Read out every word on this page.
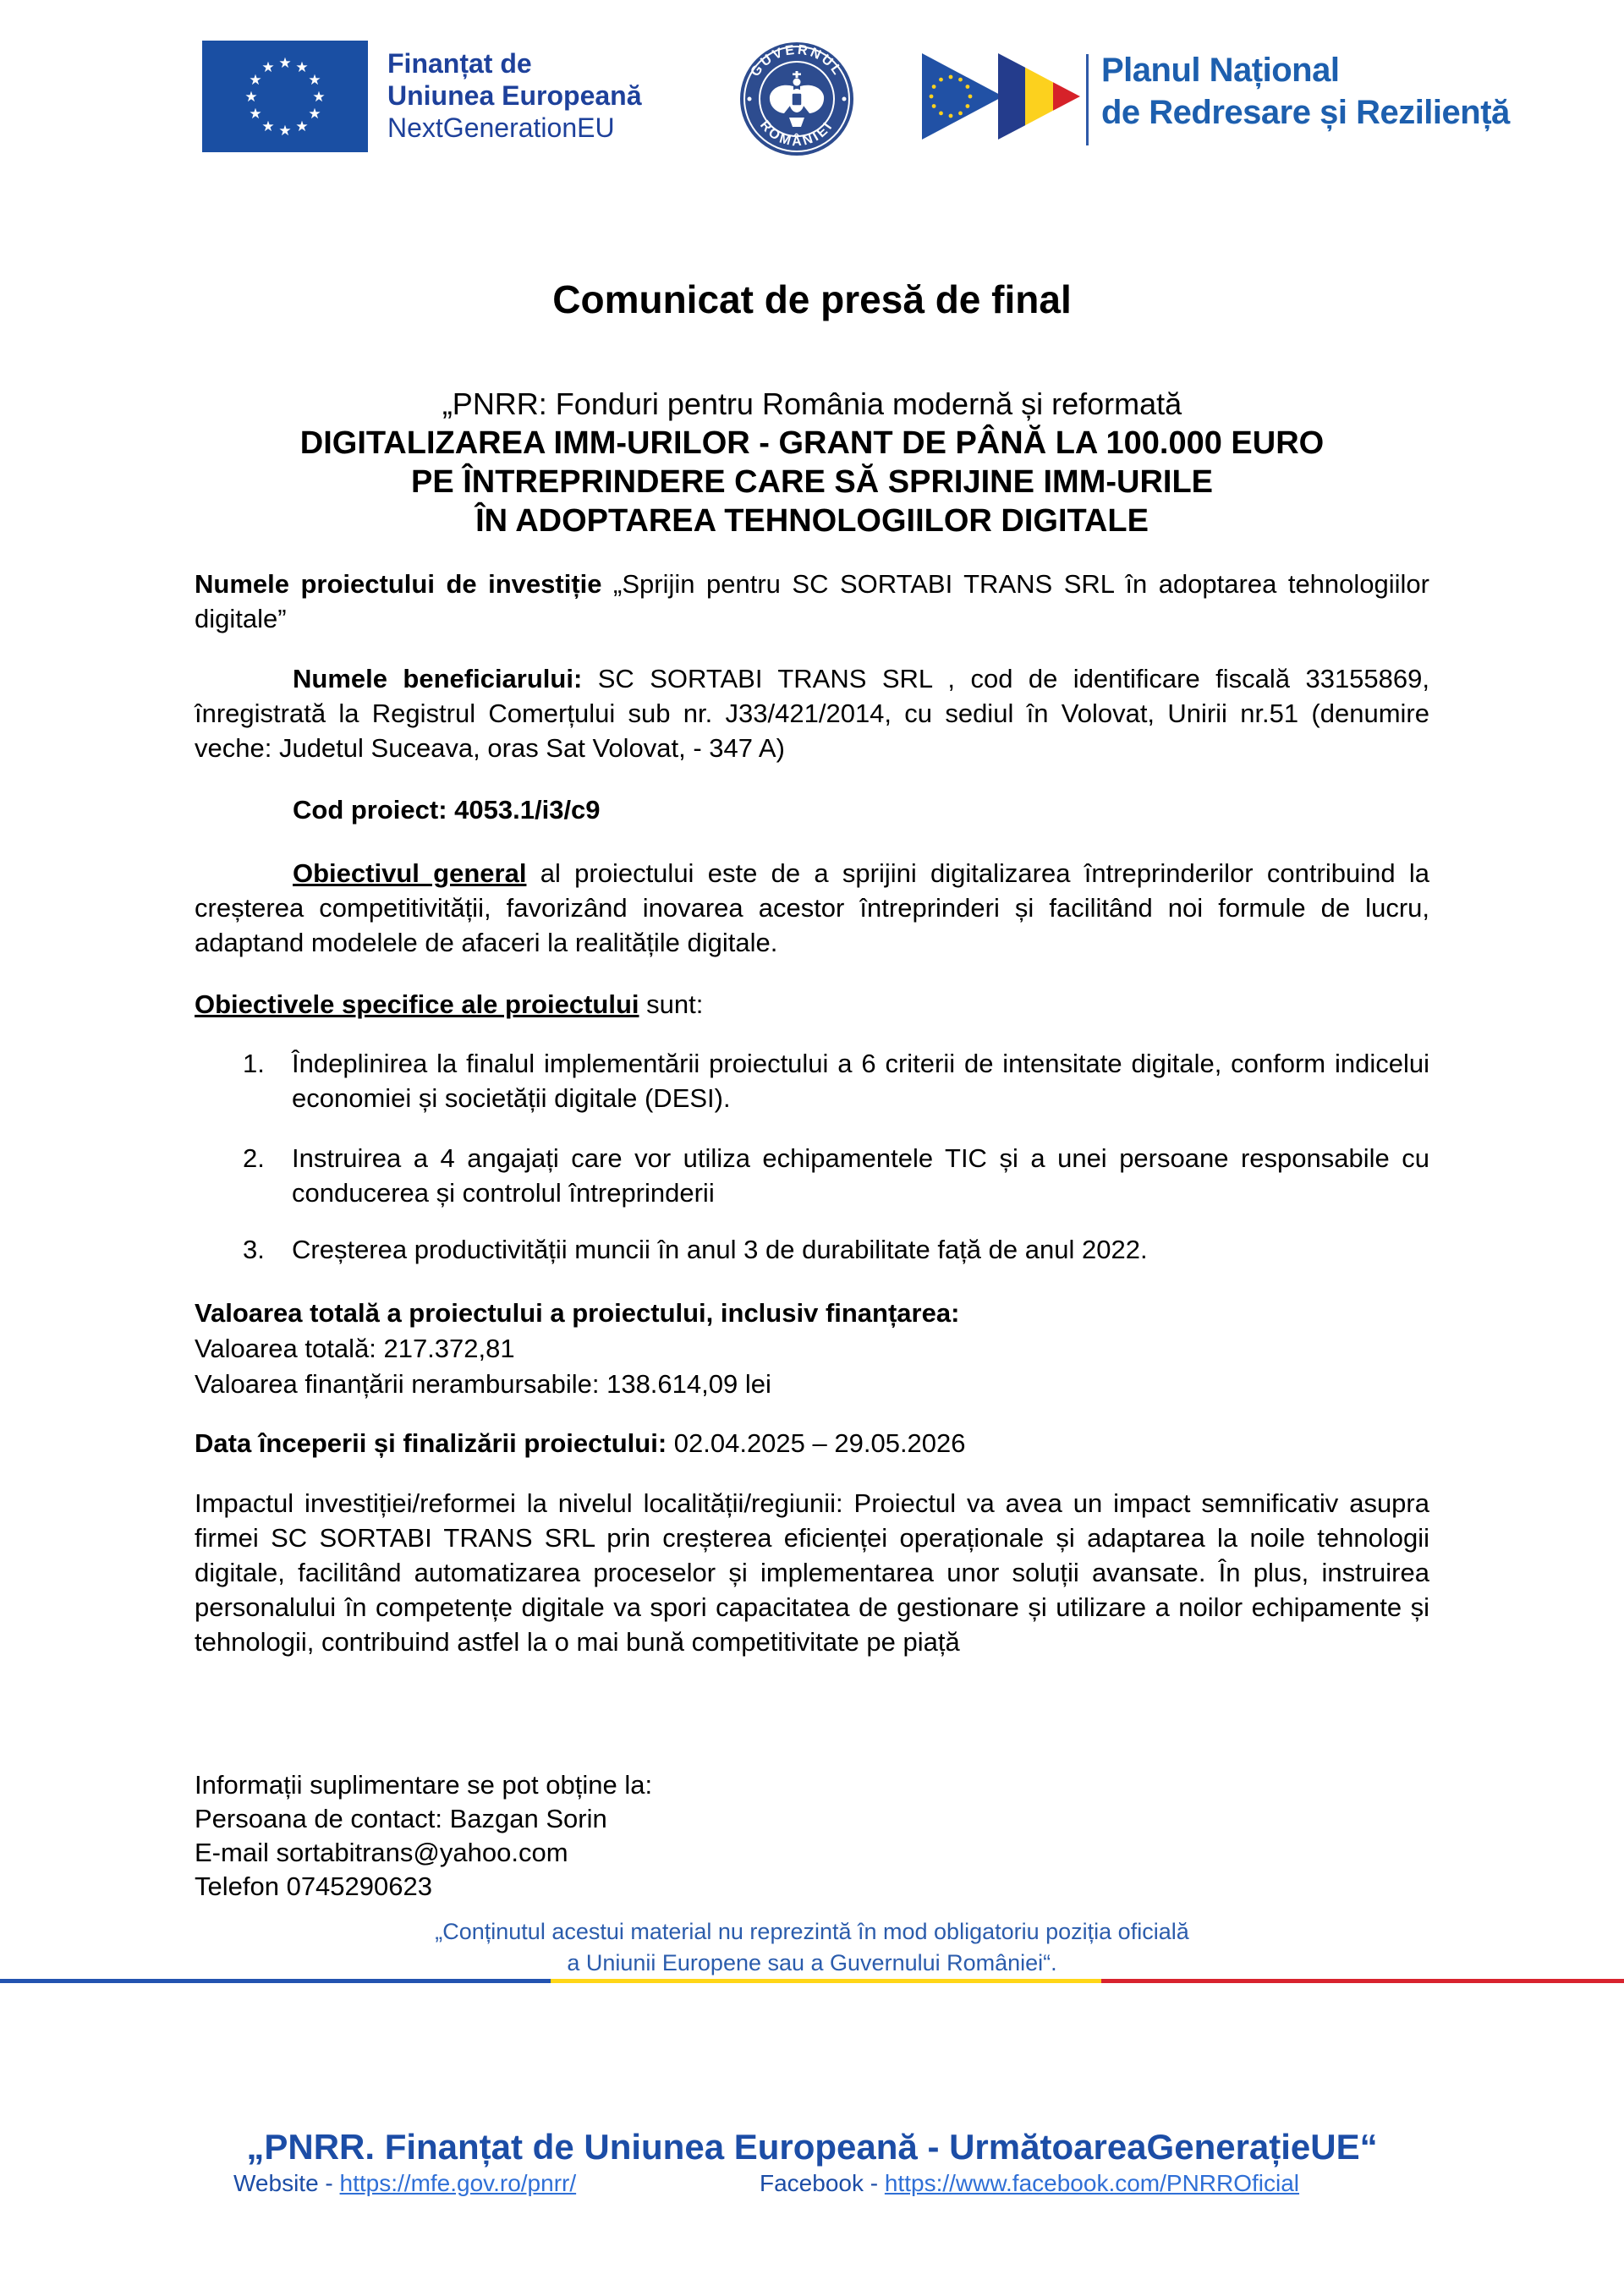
★ ★
★
★
★
★
★
★
★
★
★
★	GUVERNUL
ROMÂNIEI
Finanțat de
Uniunea Europeană
NextGenerationEU
Planul Național
de Redresare și Reziliență
Comunicat de presă de final
„PNRR: Fonduri pentru România modernă și reformată
DIGITALIZAREA IMM-URILOR - GRANT DE PÂNĂ LA 100.000 EURO
PE ÎNTREPRINDERE CARE SĂ SPRIJINE IMM-URILE
ÎN ADOPTAREA TEHNOLOGIILOR DIGITALE
Numele proiectului de investiție „Sprijin pentru SC SORTABI TRANS SRL în adoptarea tehnologiilor digitale”
Numele beneficiarului: SC SORTABI TRANS SRL , cod de identificare fiscală 33155869, înregistrată la Registrul Comerțului sub nr. J33/421/2014, cu sediul în Volovat, Unirii nr.51 (denumire veche: Judetul Suceava, oras Sat Volovat, - 347 A)
Cod proiect: 4053.1/i3/c9
Obiectivul general al proiectului este de a sprijini digitalizarea întreprinderilor contribuind la creșterea competitivității, favorizând inovarea acestor întreprinderi și facilitând noi formule de lucru, adaptand modelele de afaceri la realitățile digitale.
Obiectivele specifice ale proiectului sunt:
1.	Îndeplinirea la finalul implementării proiectului a 6 criterii de intensitate digitale, conform indicelui economiei și societății digitale (DESI).
2.	Instruirea a 4 angajați care vor utiliza echipamentele TIC și a unei persoane responsabile cu conducerea și controlul întreprinderii
3.	Creșterea productivității muncii în anul 3 de durabilitate față de anul 2022.
Valoarea totală a proiectului a proiectului, inclusiv finanțarea:
Valoarea totală: 217.372,81
Valoarea finanțării nerambursabile: 138.614,09 lei
Data începerii și finalizării proiectului: 02.04.2025 – 29.05.2026
Impactul investiției/reformei la nivelul localității/regiunii: Proiectul va avea un impact semnificativ asupra firmei SC SORTABI TRANS SRL prin creșterea eficienței operaționale și adaptarea la noile tehnologii digitale, facilitând automatizarea proceselor și implementarea unor soluții avansate. În plus, instruirea personalului în competențe digitale va spori capacitatea de gestionare și utilizare a noilor echipamente și tehnologii, contribuind astfel la o mai bună competitivitate pe piață
Informații suplimentare se pot obține la:
Persoana de contact: Bazgan Sorin
E-mail sortabitrans@yahoo.com
Telefon 0745290623
„Conținutul acestui material nu reprezintă în mod obligatoriu poziția oficială
a Uniunii Europene sau a Guvernului României“.
„PNRR. Finanțat de Uniunea Europeană - UrmătoareaGenerațieUE“
Website - https://mfe.gov.ro/pnrr/	Facebook - https://www.facebook.com/PNRROficial
